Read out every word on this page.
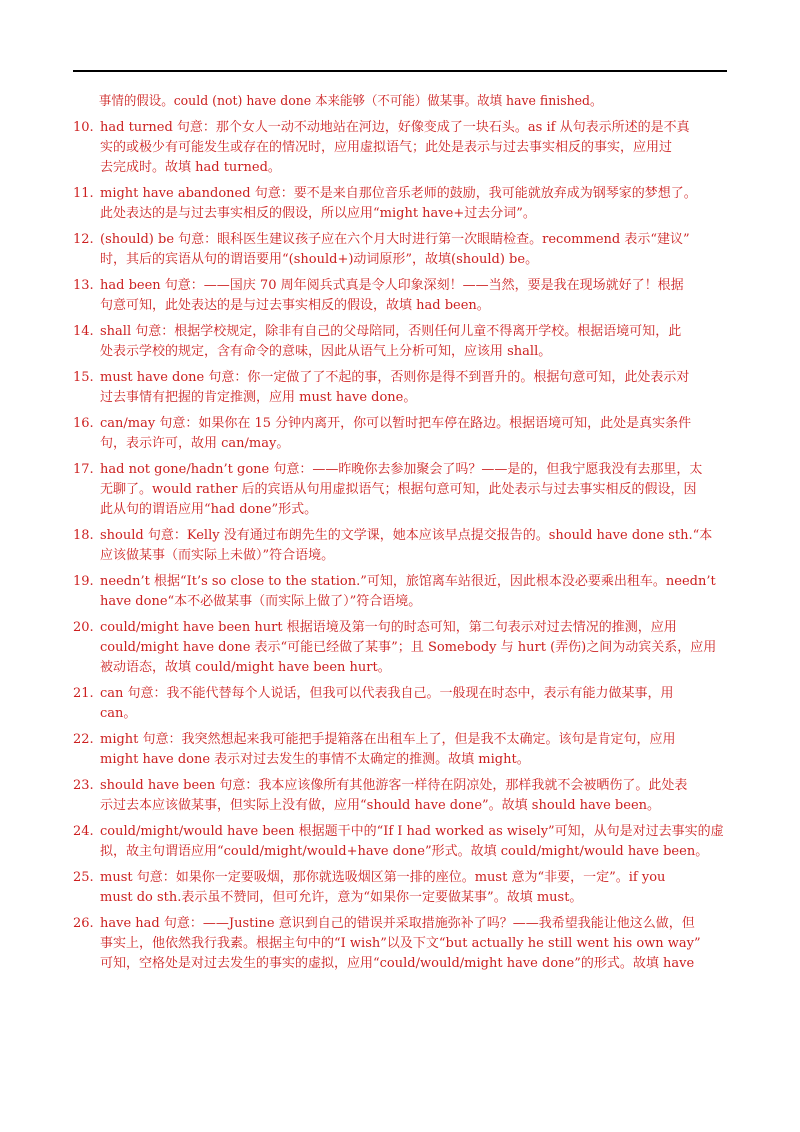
事情的假设。could (not) have done 本来能够（不可能）做某事。故填 have finished。
10. had turned 句意：那个女人一动不动地站在河边，好像变成了一块石头。as if 从句表示所述的是不真
实的或极少有可能发生或存在的情况时，应用虚拟语气；此处是表示与过去事实相反的事实，应用过
去完成时。故填 had turned。
11. might have abandoned 句意：要不是来自那位音乐老师的鼓励，我可能就放弃成为钢琴家的梦想了。
此处表达的是与过去事实相反的假设，所以应用“might have+过去分词”。
12. (should) be 句意：眼科医生建议孩子应在六个月大时进行第一次眼睛检查。recommend 表示“建议”
时，其后的宾语从句的谓语要用“(should+)动词原形”，故填(should) be。
13. had been 句意：——国庆 70 周年阅兵式真是令人印象深刻！——当然，要是我在现场就好了！根据
句意可知，此处表达的是与过去事实相反的假设，故填 had been。
14. shall 句意：根据学校规定，除非有自己的父母陪同，否则任何儿童不得离开学校。根据语境可知，此
处表示学校的规定，含有命令的意味，因此从语气上分析可知，应该用 shall。
15. must have done 句意：你一定做了了不起的事，否则你是得不到晋升的。根据句意可知，此处表示对
过去事情有把握的肯定推测，应用 must have done。
16. can/may 句意：如果你在 15 分钟内离开，你可以暂时把车停在路边。根据语境可知，此处是真实条件
句，表示许可，故用 can/may。
17. had not gone/hadn’t gone 句意：——昨晚你去参加聚会了吗？——是的，但我宁愿我没有去那里，太
无聊了。would rather 后的宾语从句用虚拟语气；根据句意可知，此处表示与过去事实相反的假设，因
此从句的谓语应用“had done”形式。
18. should 句意：Kelly 没有通过布朗先生的文学课，她本应该早点提交报告的。should have done sth.“本
应该做某事（而实际上未做）”符合语境。
19. needn’t 根据“It’s so close to the station.”可知，旅馆离车站很近，因此根本没必要乘出租车。needn’t
have done“本不必做某事（而实际上做了）”符合语境。
20. could/might have been hurt 根据语境及第一句的时态可知，第二句表示对过去情况的推测，应用
could/might have done 表示“可能已经做了某事”；且 Somebody 与 hurt (弄伤)之间为动宾关系，应用
被动语态，故填 could/might have been hurt。
21. can 句意：我不能代替每个人说话，但我可以代表我自己。一般现在时态中，表示有能力做某事，用
can。
22. might 句意：我突然想起来我可能把手提箱落在出租车上了，但是我不太确定。该句是肯定句，应用
might have done 表示对过去发生的事情不太确定的推测。故填 might。
23. should have been 句意：我本应该像所有其他游客一样待在阴凉处，那样我就不会被晒伤了。此处表
示过去本应该做某事，但实际上没有做，应用“should have done”。故填 should have been。
24. could/might/would have been 根据题干中的“If I had worked as wisely”可知，从句是对过去事实的虚
拟，故主句谓语应用“could/might/would+have done”形式。故填 could/might/would have been。
25. must 句意：如果你一定要吸烟，那你就选吸烟区第一排的座位。must 意为“非要，一定”。if you
must do sth.表示虽不赞同，但可允许，意为“如果你一定要做某事”。故填 must。
26. have had 句意：——Justine 意识到自己的错误并采取措施弥补了吗？——我希望我能让他这么做，但
事实上，他依然我行我素。根据主句中的“I wish”以及下文“but actually he still went his own way”
可知，空格处是对过去发生的事实的虚拟，应用“could/would/might have done”的形式。故填 have
